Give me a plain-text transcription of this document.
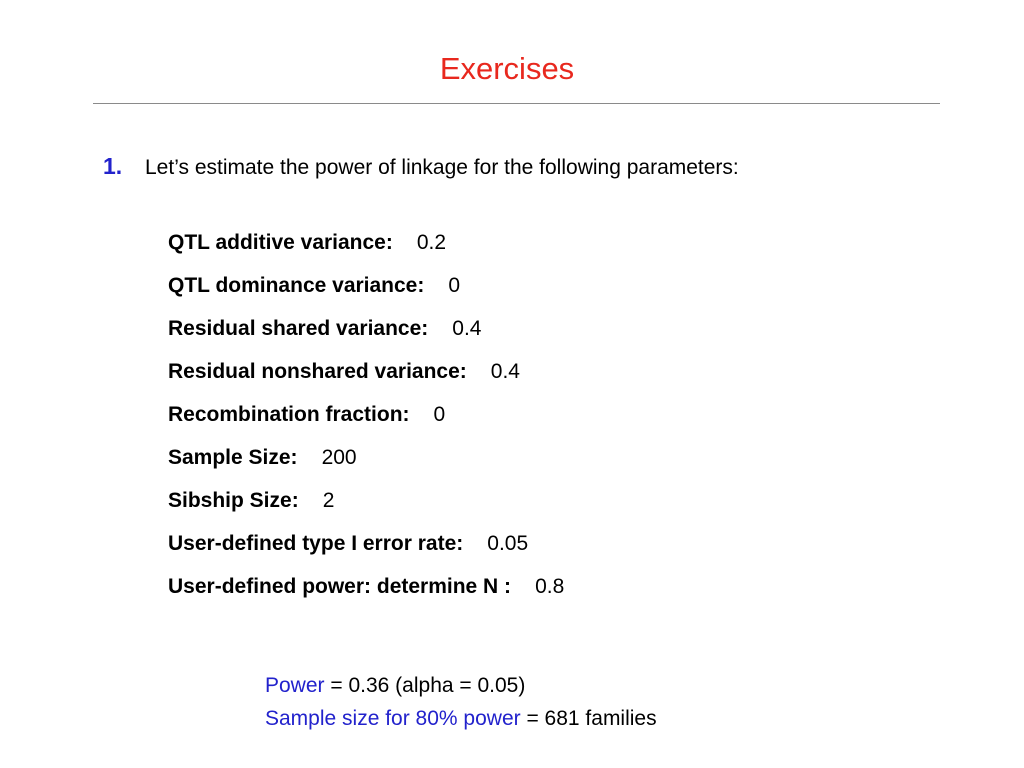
Exercises
1. Let’s estimate the power of linkage for the following parameters:
QTL additive variance: 0.2
QTL dominance variance: 0
Residual shared variance: 0.4
Residual nonshared variance: 0.4
Recombination fraction: 0
Sample Size: 200
Sibship Size: 2
User-defined type I error rate: 0.05
User-defined power: determine N : 0.8
Power = 0.36 (alpha = 0.05)
Sample size for 80% power = 681 families
